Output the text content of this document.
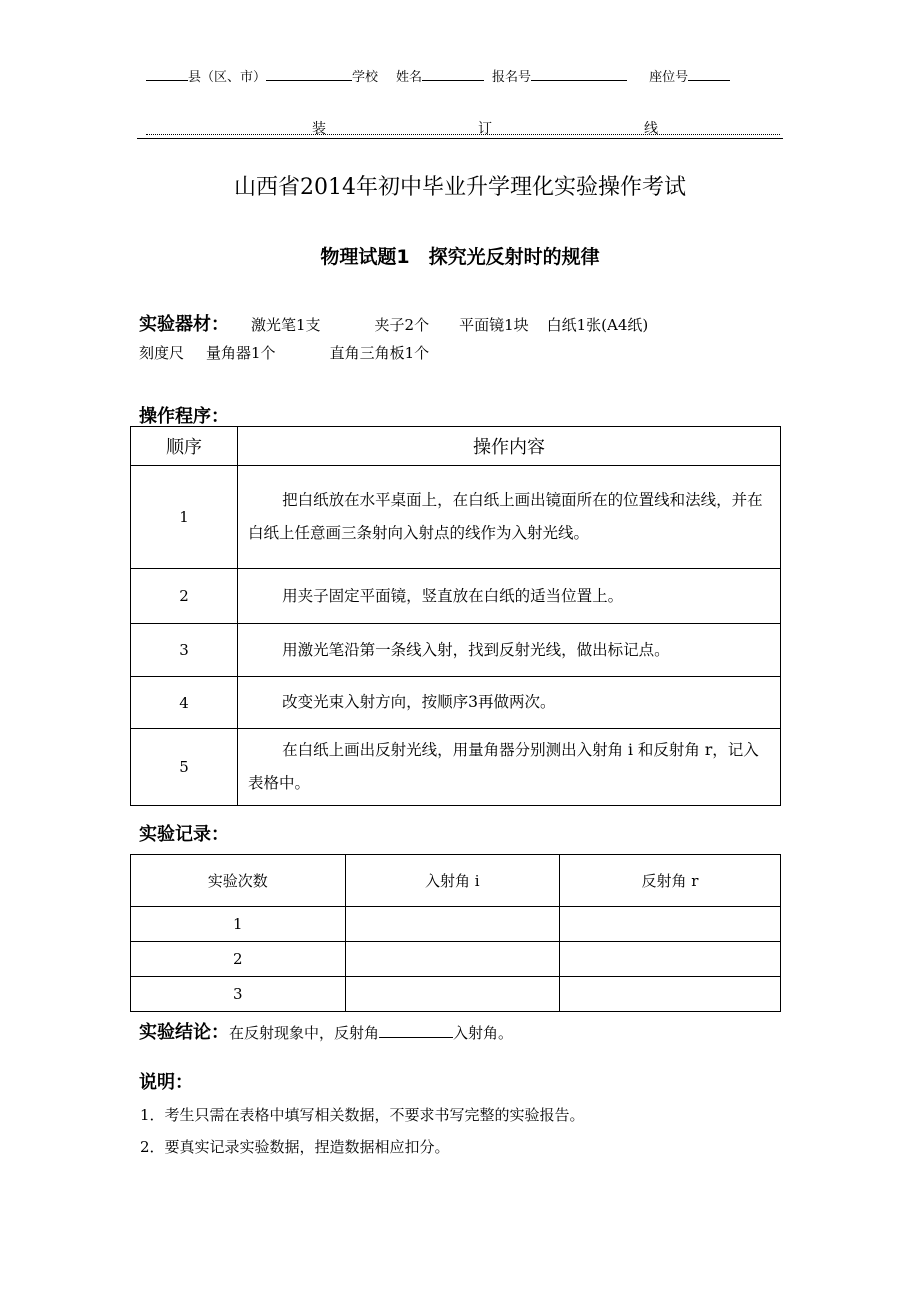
县（区、市）	学校 姓名	报名号	座位号
装	订	线
山西省2014年初中毕业升学理化实验操作考试
物理试题1　探究光反射时的规律
实验器材： 激光笔1支	夹子2个 平面镜1块 白纸1张(A4纸)
刻度尺 量角器1个	直角三角板1个
操作程序：
顺序	操作内容
1	把白纸放在水平桌面上，在白纸上画出镜面所在的位置线和法线，并在白纸上任意画三条射向入射点的线作为入射光线。
2	用夹子固定平面镜，竖直放在白纸的适当位置上。
3	用激光笔沿第一条线入射，找到反射光线，做出标记点。
4	改变光束入射方向，按顺序3再做两次。
5	在白纸上画出反射光线，用量角器分别测出入射角 i 和反射角 r，记入表格中。
实验记录：
实验次数	入射角 i	反射角 r
1		
2		
3		
实验结论：在反射现象中，反射角	入射角。
说明：
1．考生只需在表格中填写相关数据，不要求书写完整的实验报告。
2．要真实记录实验数据，捏造数据相应扣分。
